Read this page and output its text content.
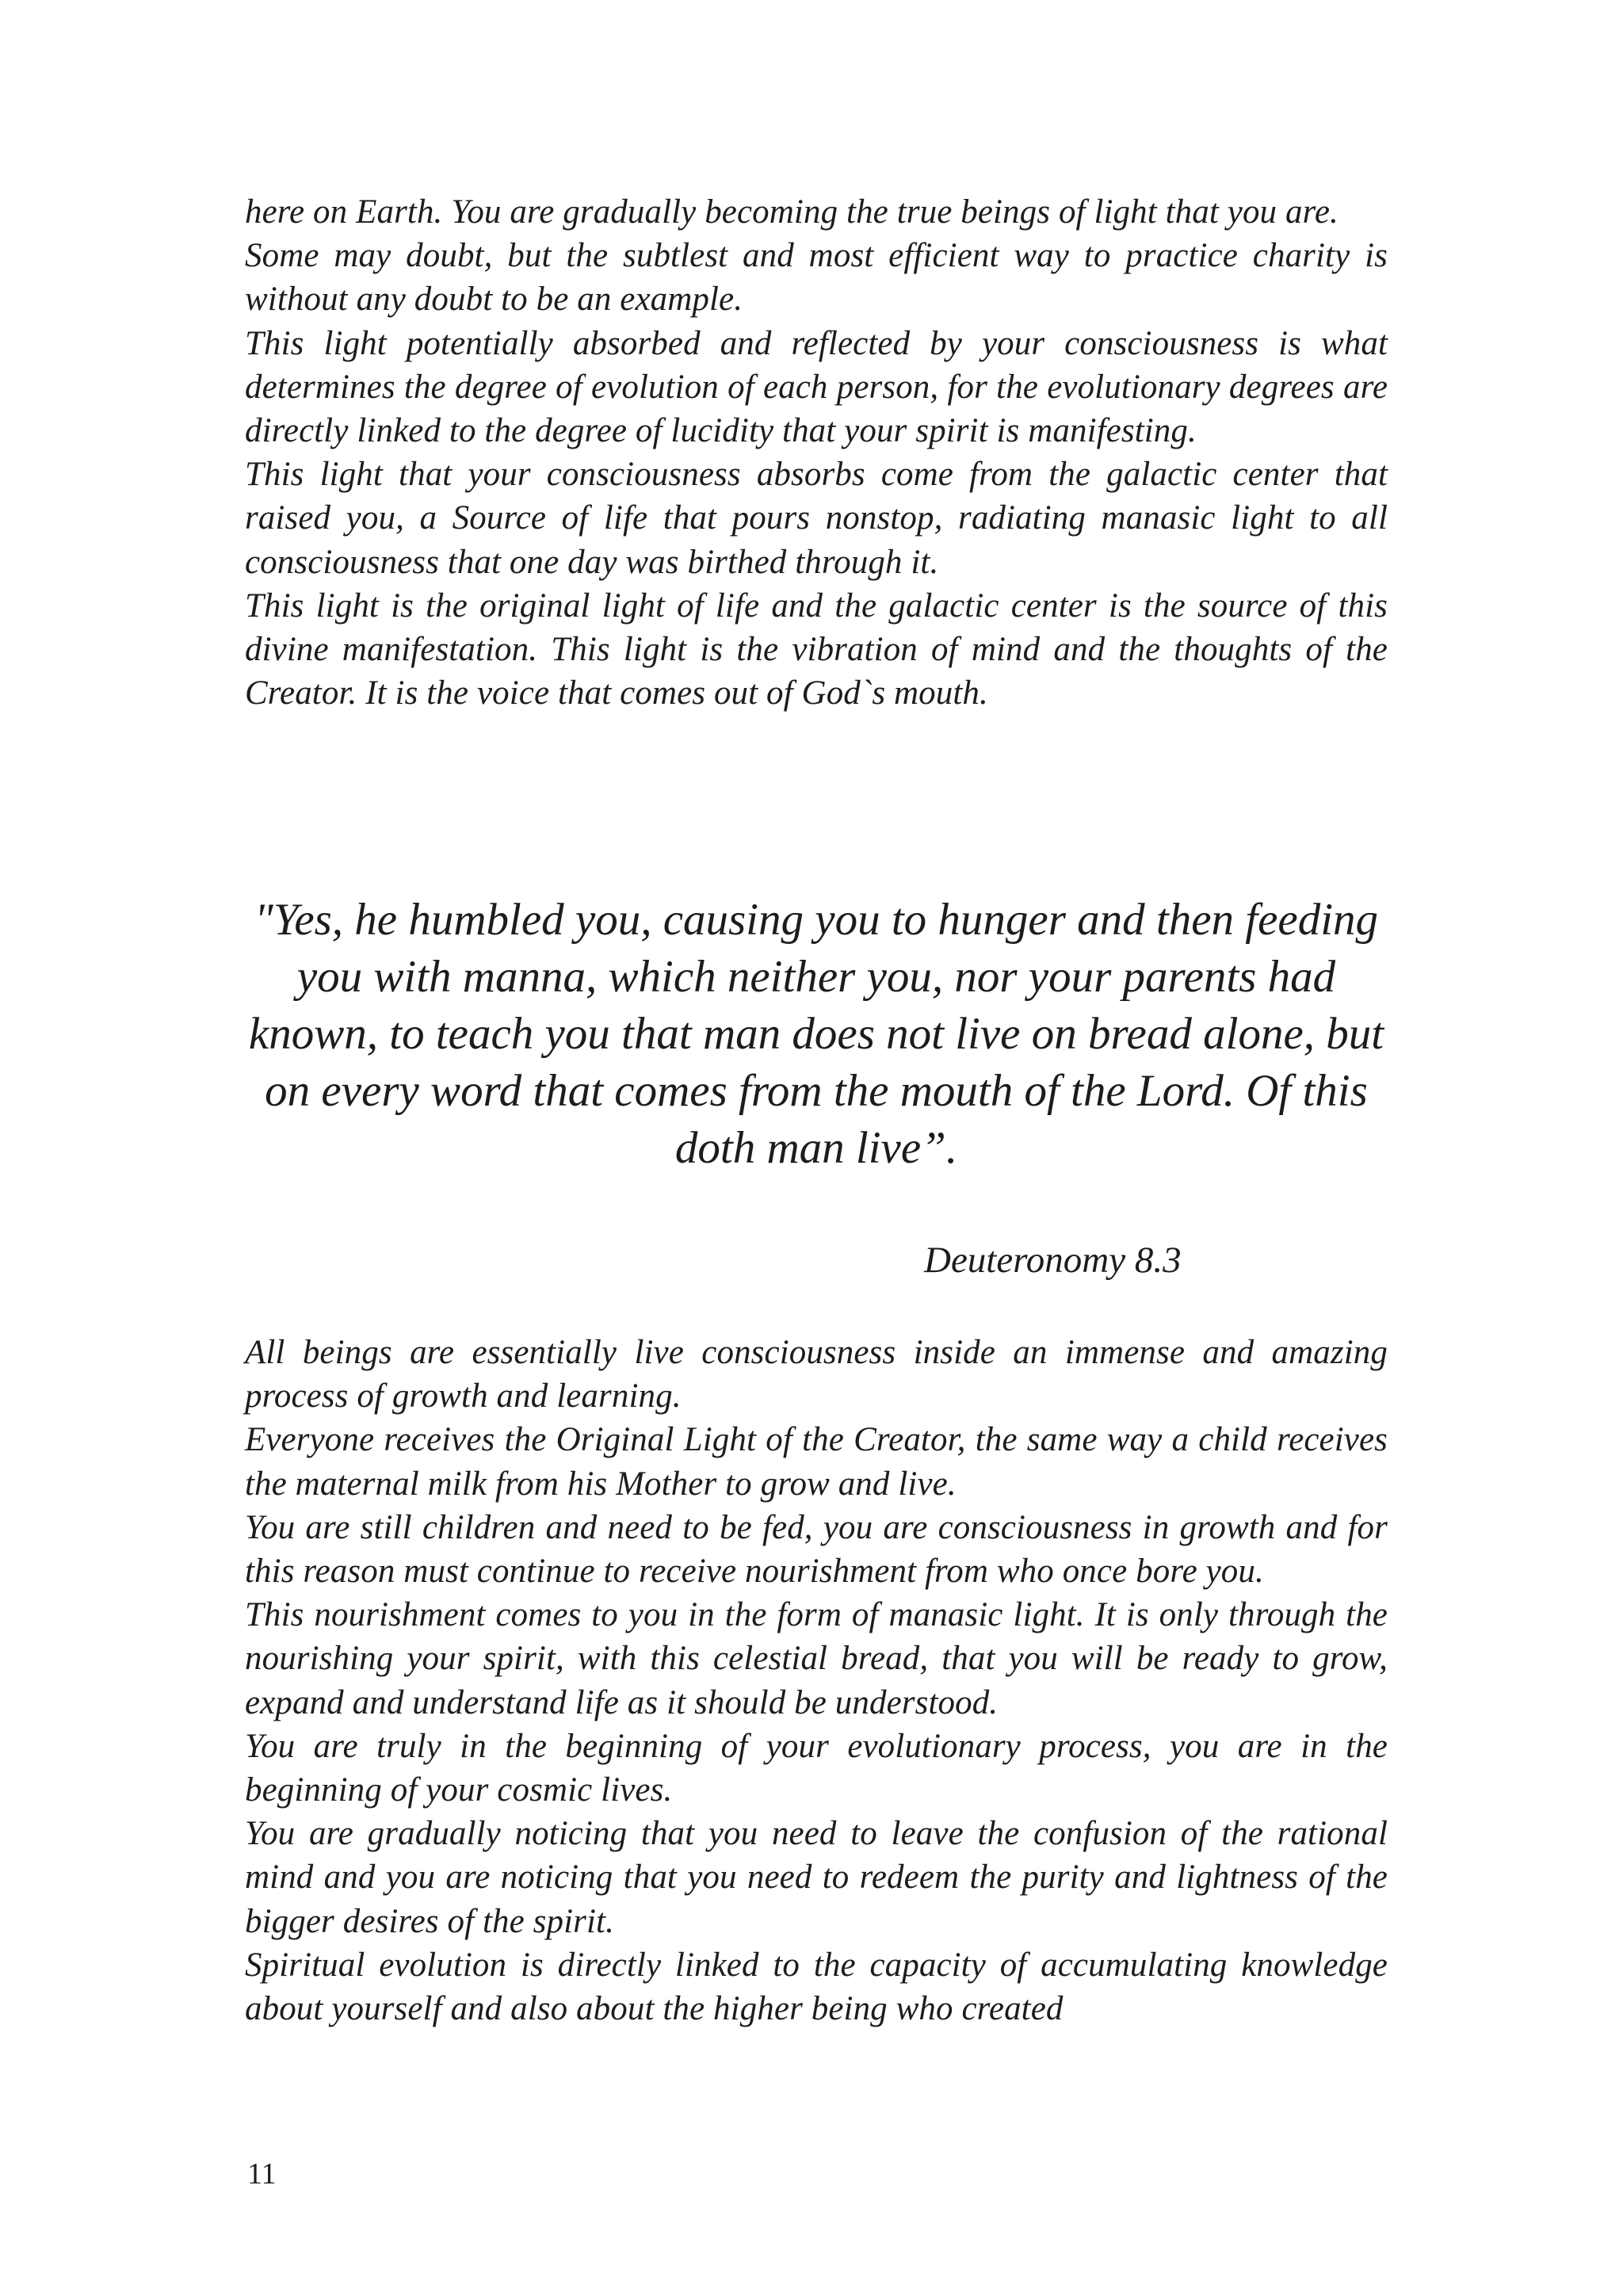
here on Earth. You are gradually becoming the true beings of light that you are.

Some may doubt, but the subtlest and most efficient way to practice charity is without any doubt to be an example.

This light potentially absorbed and reflected by your consciousness is what determines the degree of evolution of each person, for the evolutionary degrees are directly linked to the degree of lucidity that your spirit is manifesting.

This light that your consciousness absorbs come from the galactic center that raised you, a Source of life that pours nonstop, radiating manasic light to all consciousness that one day was birthed through it.

This light is the original light of life and the galactic center is the source of this divine manifestation. This light is the vibration of mind and the thoughts of the Creator. It is the voice that comes out of God`s mouth.

"Yes, he humbled you, causing you to hunger and then feeding you with manna, which neither you, nor your parents had known, to teach you that man does not live on bread alone, but on every word that comes from the mouth of the Lord. Of this doth man live”.

Deuteronomy 8.3

All beings are essentially live consciousness inside an immense and amazing process of growth and learning.

Everyone receives the Original Light of the Creator, the same way a child receives the maternal milk from his Mother to grow and live.

You are still children and need to be fed, you are consciousness in growth and for this reason must continue to receive nourishment from who once bore you.

This nourishment comes to you in the form of manasic light. It is only through the nourishing your spirit, with this celestial bread, that you will be ready to grow, expand and understand life as it should be understood.

You are truly in the beginning of your evolutionary process, you are in the beginning of your cosmic lives.

You are gradually noticing that you need to leave the confusion of the rational mind and you are noticing that you need to redeem the purity and lightness of the bigger desires of the spirit.

Spiritual evolution is directly linked to the capacity of accumulating knowledge about yourself and also about the higher being who created

11
